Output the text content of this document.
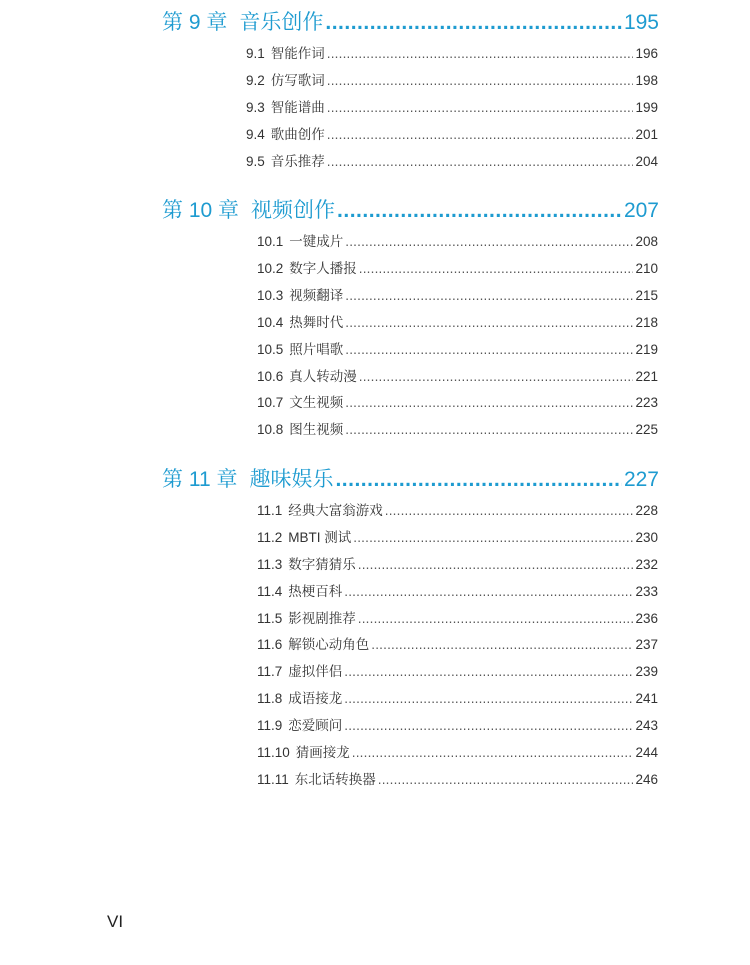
第 9 章 音乐创作 .....	195
9.1 智能作词 .....	196
9.2 仿写歌词 .....	198
9.3 智能谱曲 .....	199
9.4 歌曲创作 .....	201
9.5 音乐推荐 .....	204
第 10 章 视频创作 .....	207
10.1 一键成片 .....	208
10.2 数字人播报 .....	210
10.3 视频翻译 .....	215
10.4 热舞时代 .....	218
10.5 照片唱歌 .....	219
10.6 真人转动漫 .....	221
10.7 文生视频 .....	223
10.8 图生视频 .....	225
第 11 章 趣味娱乐 .....	227
11.1 经典大富翁游戏 .....	228
11.2 MBTI 测试 .....	230
11.3 数字猜猜乐 .....	232
11.4 热梗百科 .....	233
11.5 影视剧推荐 .....	236
11.6 解锁心动角色 .....	237
11.7 虚拟伴侣 .....	239
11.8 成语接龙 .....	241
11.9 恋爱顾问 .....	243
11.10 猜画接龙 .....	244
11.11 东北话转换器 .....	246
VI
